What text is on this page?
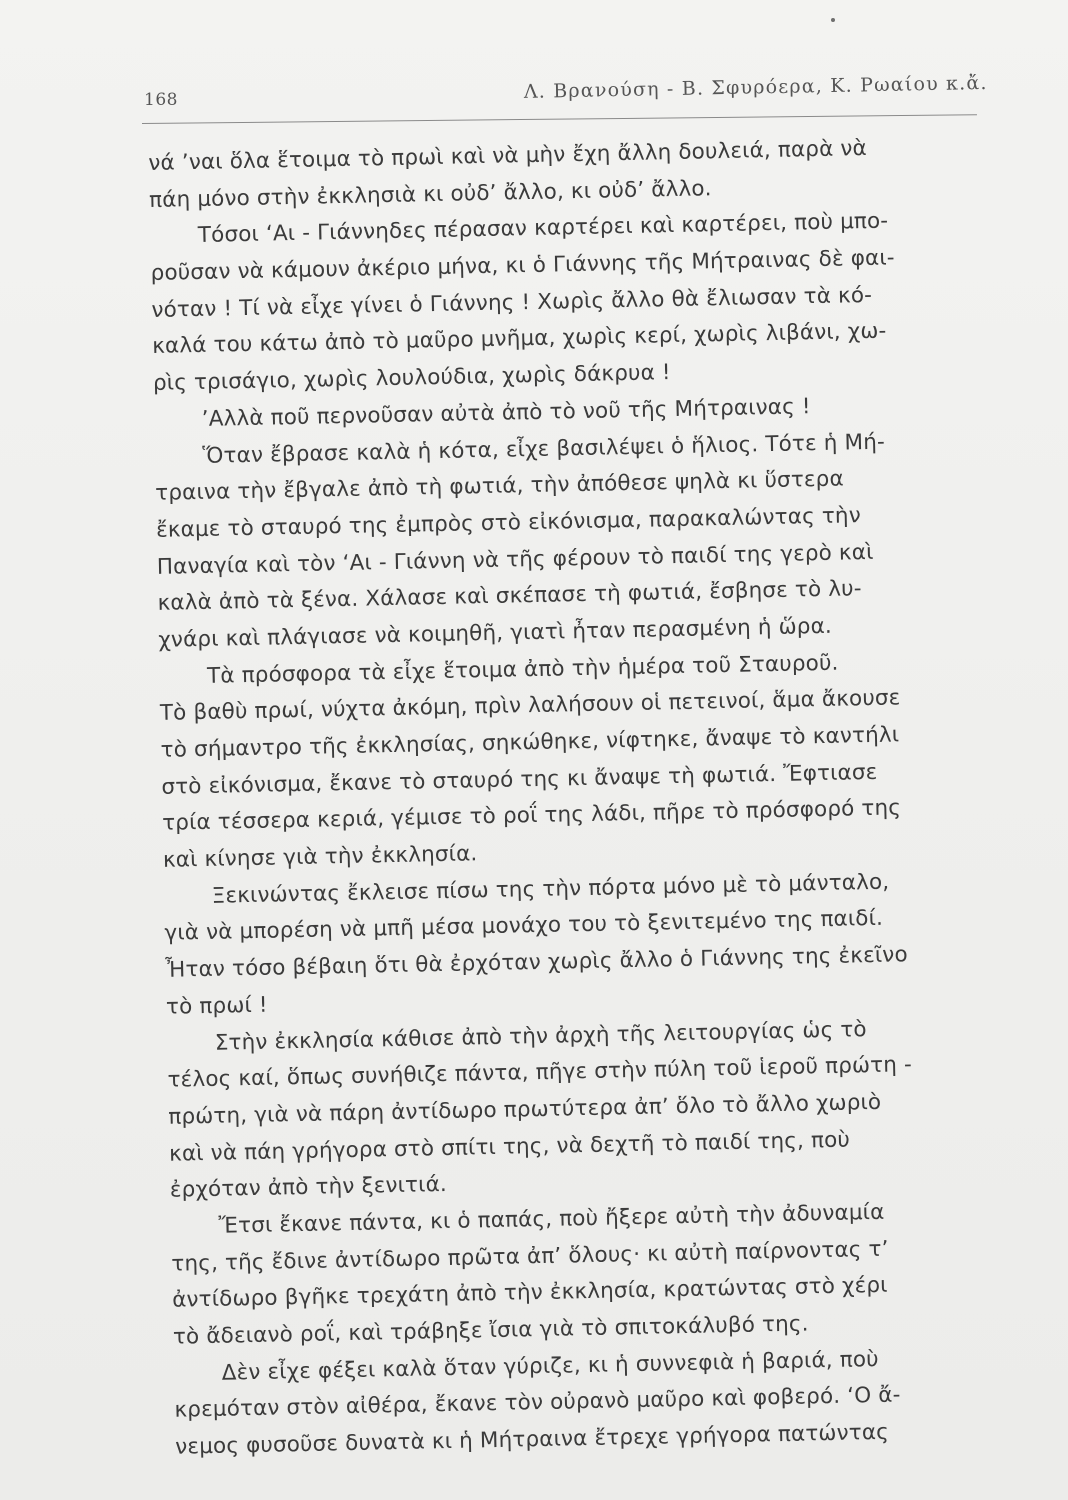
168	Λ. Βρανούση - Β. Σφυρόερα, Κ. Ρωαίου κ.ἄ.
νά ’ναι ὅλα ἕτοιμα τὸ πρωὶ καὶ νὰ μὴν ἔχη ἄλλη δουλειά, παρὰ νὰ
πάη μόνο στὴν ἐκκλησιὰ κι οὐδ’ ἄλλο, κι οὐδ’ ἄλλο.
Τόσοι ‘Αι - Γιάννηδες πέρασαν καρτέρει καὶ καρτέρει, ποὺ μπο-
ροῦσαν νὰ κάμουν ἀκέριο μήνα, κι ὁ Γιάννης τῆς Μήτραινας δὲ φαι-
νόταν ! Τί νὰ εἶχε γίνει ὁ Γιάννης ! Χωρὶς ἄλλο θὰ ἔλιωσαν τὰ κό-
καλά του κάτω ἀπὸ τὸ μαῦρο μνῆμα, χωρὶς κερί, χωρὶς λιβάνι, χω-
ρὶς τρισάγιο, χωρὶς λουλούδια, χωρὶς δάκρυα !
’Αλλὰ ποῦ περνοῦσαν αὐτὰ ἀπὸ τὸ νοῦ τῆς Μήτραινας !
Ὅταν ἔβρασε καλὰ ἡ κότα, εἶχε βασιλέψει ὁ ἥλιος. Τότε ἡ Μή-
τραινα τὴν ἔβγαλε ἀπὸ τὴ φωτιά, τὴν ἀπόθεσε ψηλὰ κι ὕστερα
ἔκαμε τὸ σταυρό της ἐμπρὸς στὸ εἰκόνισμα, παρακαλώντας τὴν
Παναγία καὶ τὸν ‘Αι - Γιάννη νὰ τῆς φέρουν τὸ παιδί της γερὸ καὶ
καλὰ ἀπὸ τὰ ξένα. Χάλασε καὶ σκέπασε τὴ φωτιά, ἔσβησε τὸ λυ-
χνάρι καὶ πλάγιασε νὰ κοιμηθῆ, γιατὶ ἦταν περασμένη ἡ ὥρα.
Τὰ πρόσφορα τὰ εἶχε ἕτοιμα ἀπὸ τὴν ἡμέρα τοῦ Σταυροῦ.
Τὸ βαθὺ πρωί, νύχτα ἀκόμη, πρὶν λαλήσουν οἱ πετεινοί, ἅμα ἄκουσε
τὸ σήμαντρο τῆς ἐκκλησίας, σηκώθηκε, νίφτηκε, ἄναψε τὸ καντήλι
στὸ εἰκόνισμα, ἔκανε τὸ σταυρό της κι ἄναψε τὴ φωτιά. Ἔφτιασε
τρία τέσσερα κεριά, γέμισε τὸ ροΐ της λάδι, πῆρε τὸ πρόσφορό της
καὶ κίνησε γιὰ τὴν ἐκκλησία.
Ξεκινώντας ἔκλεισε πίσω της τὴν πόρτα μόνο μὲ τὸ μάνταλο,
γιὰ νὰ μπορέση νὰ μπῆ μέσα μονάχο του τὸ ξενιτεμένο της παιδί.
Ἦταν τόσο βέβαιη ὅτι θὰ ἐρχόταν χωρὶς ἄλλο ὁ Γιάννης της ἐκεῖνο
τὸ πρωί !
Στὴν ἐκκλησία κάθισε ἀπὸ τὴν ἀρχὴ τῆς λειτουργίας ὡς τὸ
τέλος καί, ὅπως συνήθιζε πάντα, πῆγε στὴν πύλη τοῦ ἱεροῦ πρώτη -
πρώτη, γιὰ νὰ πάρη ἀντίδωρο πρωτύτερα ἀπ’ ὅλο τὸ ἄλλο χωριὸ
καὶ νὰ πάη γρήγορα στὸ σπίτι της, νὰ δεχτῆ τὸ παιδί της, ποὺ
ἐρχόταν ἀπὸ τὴν ξενιτιά.
Ἔτσι ἔκανε πάντα, κι ὁ παπάς, ποὺ ἤξερε αὐτὴ τὴν ἀδυναμία
της, τῆς ἔδινε ἀντίδωρο πρῶτα ἀπ’ ὅλους· κι αὐτὴ παίρνοντας τ’
ἀντίδωρο βγῆκε τρεχάτη ἀπὸ τὴν ἐκκλησία, κρατώντας στὸ χέρι
τὸ ἄδειανὸ ροΐ, καὶ τράβηξε ἴσια γιὰ τὸ σπιτοκάλυβό της.
Δὲν εἶχε φέξει καλὰ ὅταν γύριζε, κι ἡ συννεφιὰ ἡ βαριά, ποὺ
κρεμόταν στὸν αἰθέρα, ἔκανε τὸν οὐρανὸ μαῦρο καὶ φοβερό. ‘Ο ἄ-
νεμος φυσοῦσε δυνατὰ κι ἡ Μήτραινα ἔτρεχε γρήγορα πατώντας
